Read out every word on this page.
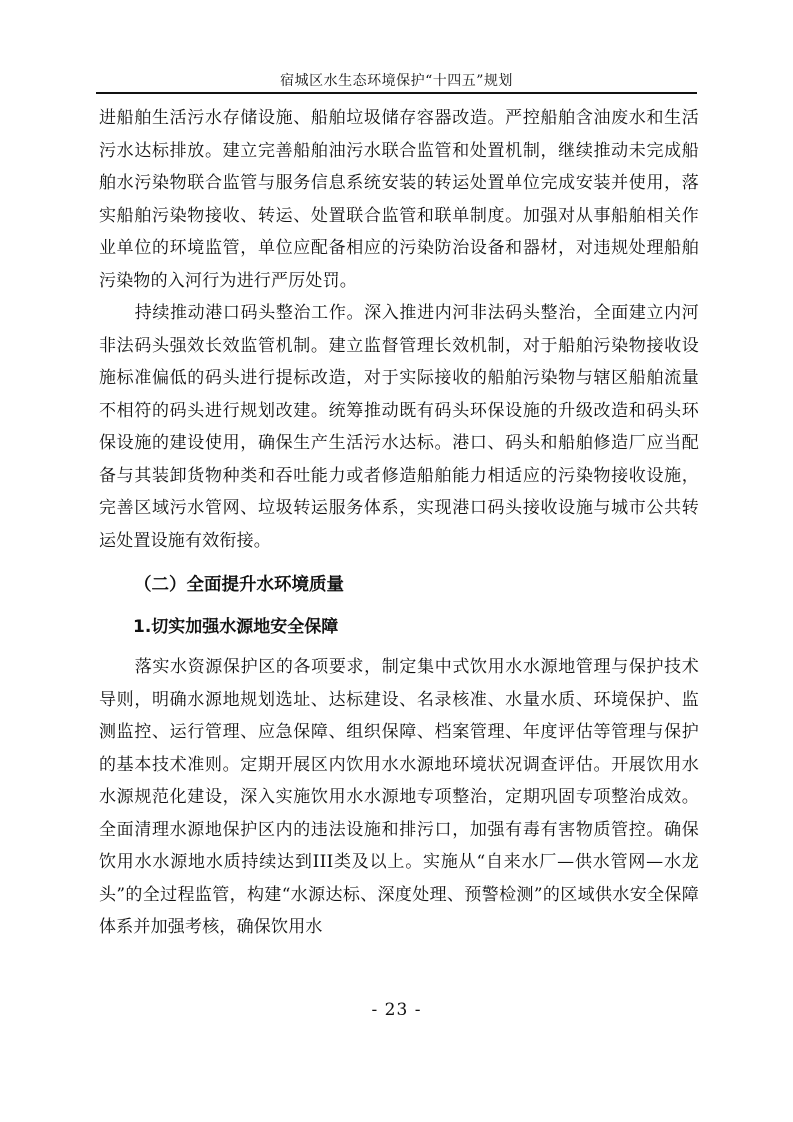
宿城区水生态环境保护“十四五”规划

进船舶生活污水存储设施、船舶垃圾储存容器改造。严控船舶含油废水和生活污水达标排放。建立完善船舶油污水联合监管和处置机制，继续推动未完成船舶水污染物联合监管与服务信息系统安装的转运处置单位完成安装并使用，落实船舶污染物接收、转运、处置联合监管和联单制度。加强对从事船舶相关作业单位的环境监管，单位应配备相应的污染防治设备和器材，对违规处理船舶污染物的入河行为进行严厉处罚。

持续推动港口码头整治工作。深入推进内河非法码头整治，全面建立内河非法码头强效长效监管机制。建立监督管理长效机制，对于船舶污染物接收设施标准偏低的码头进行提标改造，对于实际接收的船舶污染物与辖区船舶流量不相符的码头进行规划改建。统筹推动既有码头环保设施的升级改造和码头环保设施的建设使用，确保生产生活污水达标。港口、码头和船舶修造厂应当配备与其装卸货物种类和吞吐能力或者修造船舶能力相适应的污染物接收设施，完善区域污水管网、垃圾转运服务体系，实现港口码头接收设施与城市公共转运处置设施有效衔接。

（二）全面提升水环境质量
1.切实加强水源地安全保障

落实水资源保护区的各项要求，制定集中式饮用水水源地管理与保护技术导则，明确水源地规划选址、达标建设、名录核准、水量水质、环境保护、监测监控、运行管理、应急保障、组织保障、档案管理、年度评估等管理与保护的基本技术准则。定期开展区内饮用水水源地环境状况调查评估。开展饮用水水源规范化建设，深入实施饮用水水源地专项整治，定期巩固专项整治成效。全面清理水源地保护区内的违法设施和排污口，加强有毒有害物质管控。确保饮用水水源地水质持续达到III类及以上。实施从“自来水厂—供水管网—水龙头”的全过程监管，构建“水源达标、深度处理、预警检测”的区域供水安全保障体系并加强考核，确保饮用水

- 23 -
